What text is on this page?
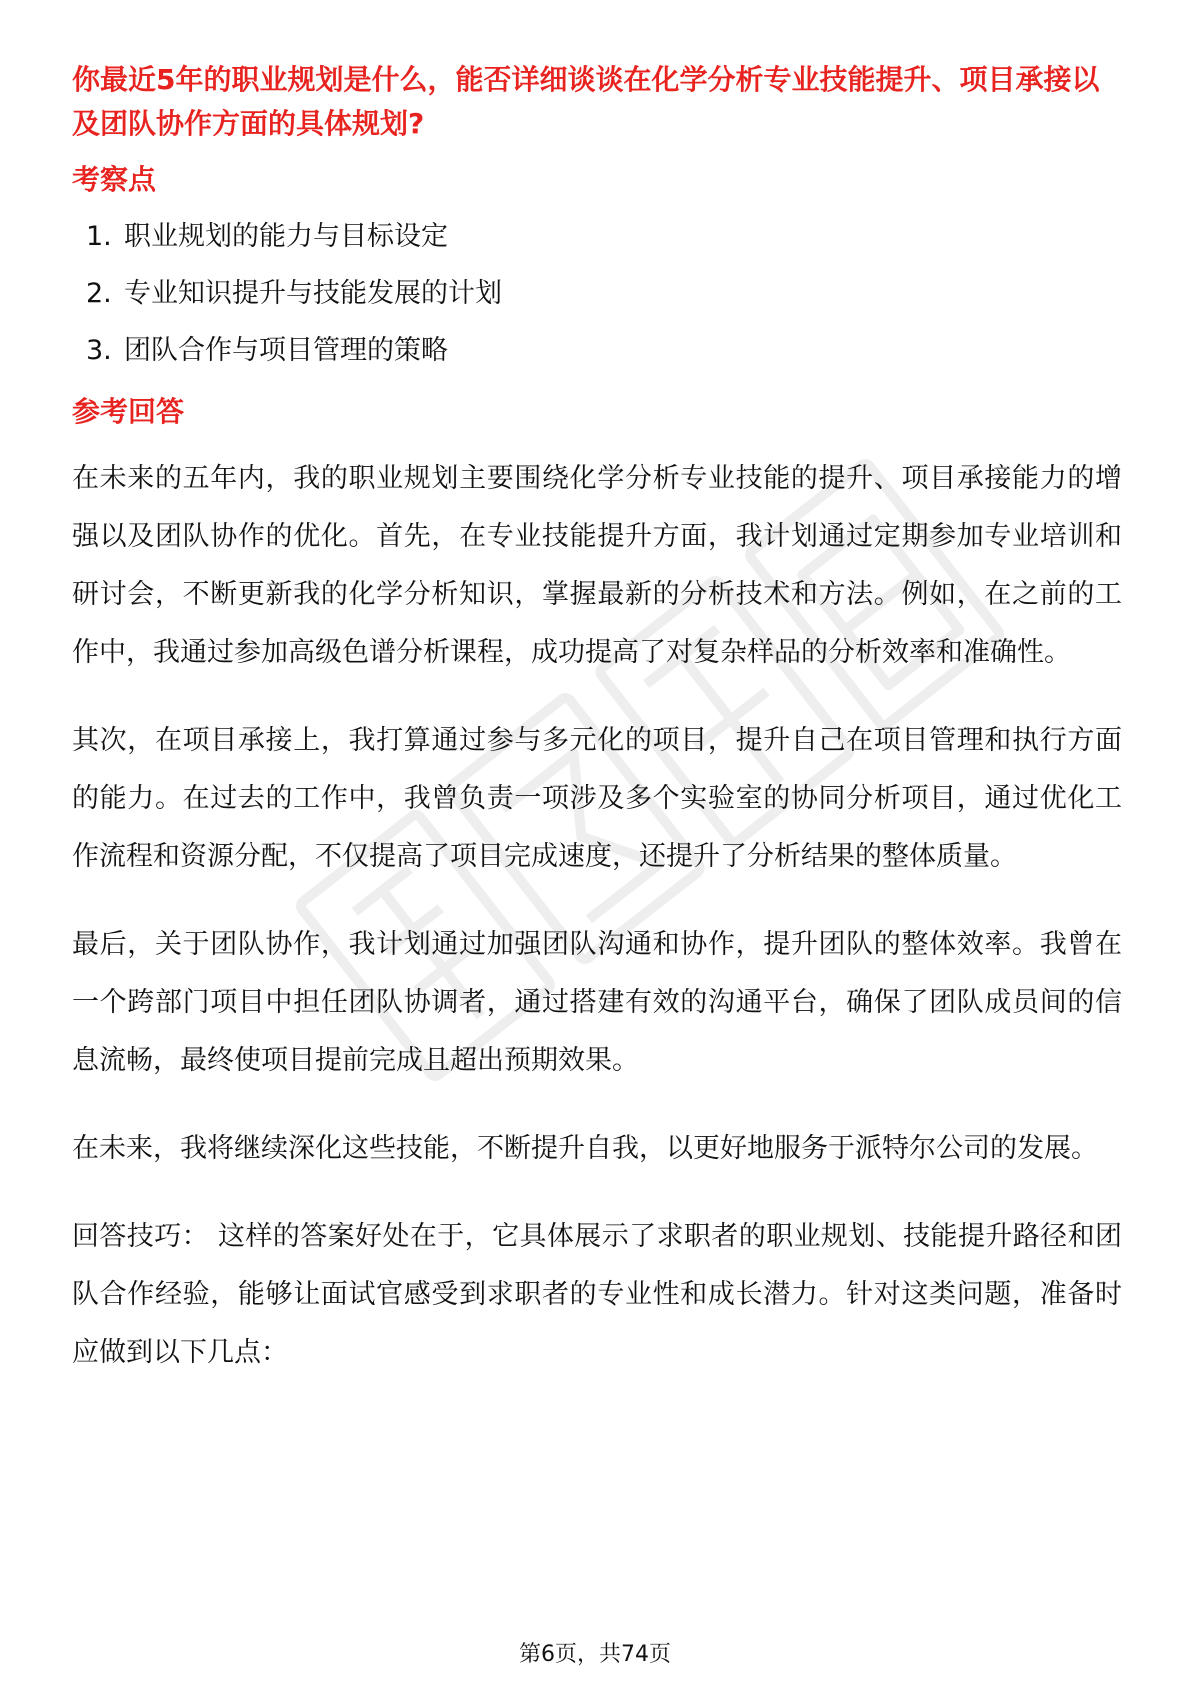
你最近5年的职业规划是什么，能否详细谈谈在化学分析专业技能提升、项目承接以及团队协作方面的具体规划?

考察点

1. 职业规划的能力与目标设定
2. 专业知识提升与技能发展的计划
3. 团队合作与项目管理的策略

参考回答

在未来的五年内，我的职业规划主要围绕化学分析专业技能的提升、项目承接能力的增强以及团队协作的优化。首先，在专业技能提升方面，我计划通过定期参加专业培训和研讨会，不断更新我的化学分析知识，掌握最新的分析技术和方法。例如，在之前的工作中，我通过参加高级色谱分析课程，成功提高了对复杂样品的分析效率和准确性。

其次，在项目承接上，我打算通过参与多元化的项目，提升自己在项目管理和执行方面的能力。在过去的工作中，我曾负责一项涉及多个实验室的协同分析项目，通过优化工作流程和资源分配，不仅提高了项目完成速度，还提升了分析结果的整体质量。

最后，关于团队协作，我计划通过加强团队沟通和协作，提升团队的整体效率。我曾在一个跨部门项目中担任团队协调者，通过搭建有效的沟通平台，确保了团队成员间的信息流畅，最终使项目提前完成且超出预期效果。

在未来，我将继续深化这些技能，不断提升自我，以更好地服务于派特尔公司的发展。

回答技巧： 这样的答案好处在于，它具体展示了求职者的职业规划、技能提升路径和团队合作经验，能够让面试官感受到求职者的专业性和成长潜力。针对这类问题，准备时应做到以下几点：

第6页，共74页
